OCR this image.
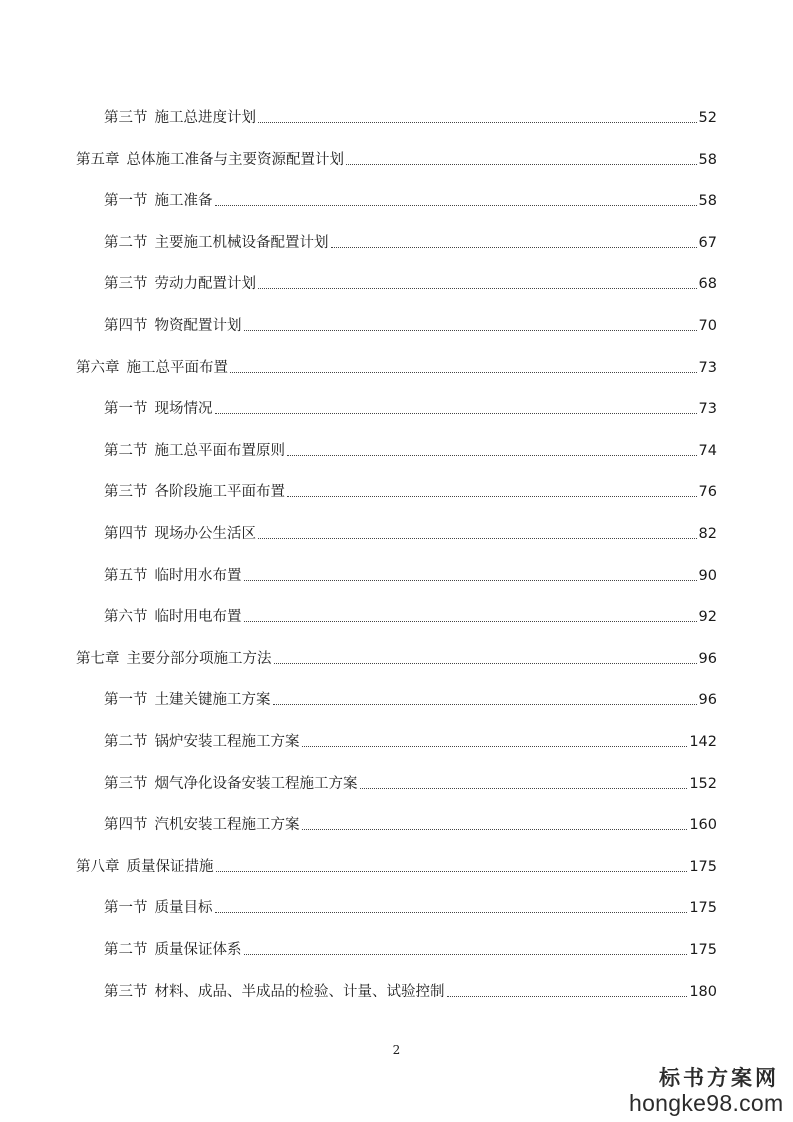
第三节 施工总进度计划	52
第五章 总体施工准备与主要资源配置计划	58
第一节 施工准备	58
第二节 主要施工机械设备配置计划	67
第三节 劳动力配置计划	68
第四节 物资配置计划	70
第六章 施工总平面布置	73
第一节 现场情况	73
第二节 施工总平面布置原则	74
第三节 各阶段施工平面布置	76
第四节 现场办公生活区	82
第五节 临时用水布置	90
第六节 临时用电布置	92
第七章 主要分部分项施工方法	96
第一节 土建关键施工方案	96
第二节 锅炉安装工程施工方案	142
第三节 烟气净化设备安装工程施工方案	152
第四节 汽机安装工程施工方案	160
第八章 质量保证措施	175
第一节 质量目标	175
第二节 质量保证体系	175
第三节 材料、成品、半成品的检验、计量、试验控制	180
2
标书方案网
hongke98.com
